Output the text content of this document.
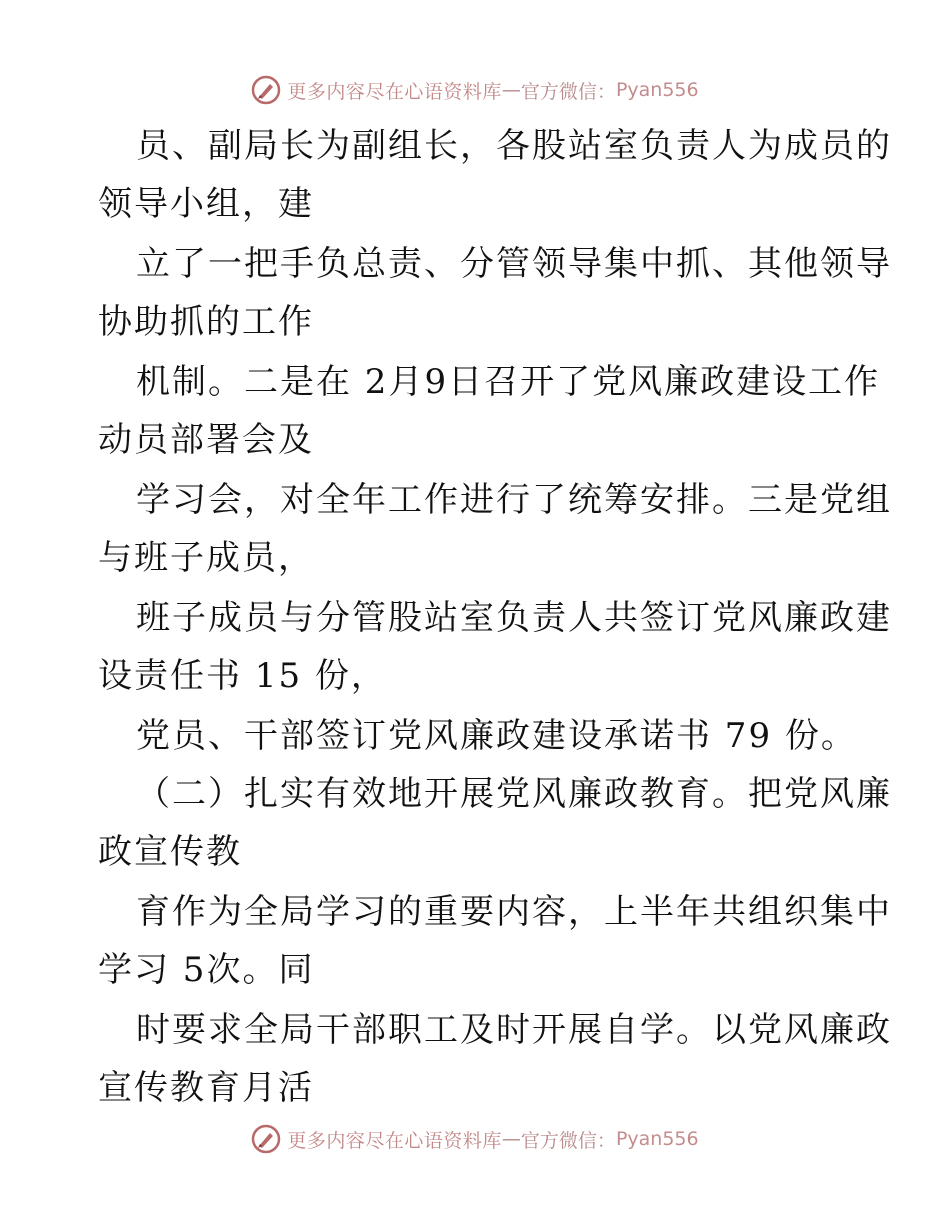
更多内容尽在心语资料库 — 官方微信： Pyan556
员、副局长为副组长，各股站室负责人为成员的
领导小组，建
立了一把手负总责、分管领导集中抓、其他领导
协助抓的工作
机制。二是在 2月9日召开了党风廉政建设工作
动员部署会及
学习会，对全年工作进行了统筹安排。三是党组
与班子成员，
班子成员与分管股站室负责人共签订党风廉政建
设责任书 15 份，
党员、干部签订党风廉政建设承诺书 79 份。
（二）扎实有效地开展党风廉政教育。把党风廉
政宣传教
育作为全局学习的重要内容，上半年共组织集中
学习 5次。同
时要求全局干部职工及时开展自学。以党风廉政
宣传教育月活
更多内容尽在心语资料库 — 官方微信： Pyan556
